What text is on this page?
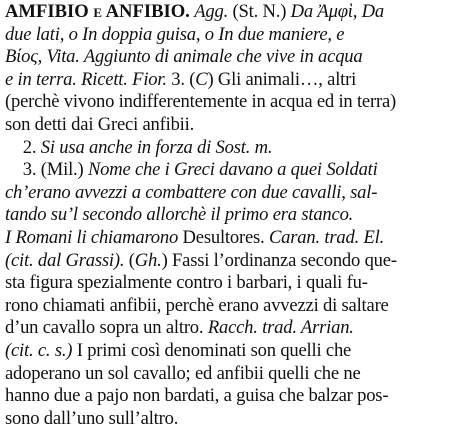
AMFIBIO e ANFIBIO. Agg. (St. N.) Da Ἀμφὶ, Da
due lati, o In doppia guisa, o In due maniere, e
Βίος, Vita. Aggiunto di animale che vive in acqua
e in terra. Ricett. Fior. 3. (C) Gli animali…, altri
(perchè vivono indifferentemente in acqua ed in terra)
son detti dai Greci anfibii.
2. Si usa anche in forza di Sost. m.
3. (Mil.) Nome che i Greci davano a quei Soldati
ch’erano avvezzi a combattere con due cavalli, sal-
tando su’l secondo allorchè il primo era stanco.
I Romani li chiamarono Desultores. Caran. trad. El.
(cit. dal Grassi). (Gh.) Fassi l’ordinanza secondo que-
sta figura spezialmente contro i barbari, i quali fu-
rono chiamati anfibii, perchè erano avvezzi di saltare
d’un cavallo sopra un altro. Racch. trad. Arrian.
(cit. c. s.) I primi così denominati son quelli che
adoperano un sol cavallo; ed anfibii quelli che ne
hanno due a pajo non bardati, a guisa che balzar pos-
sono dall’uno sull’altro.
